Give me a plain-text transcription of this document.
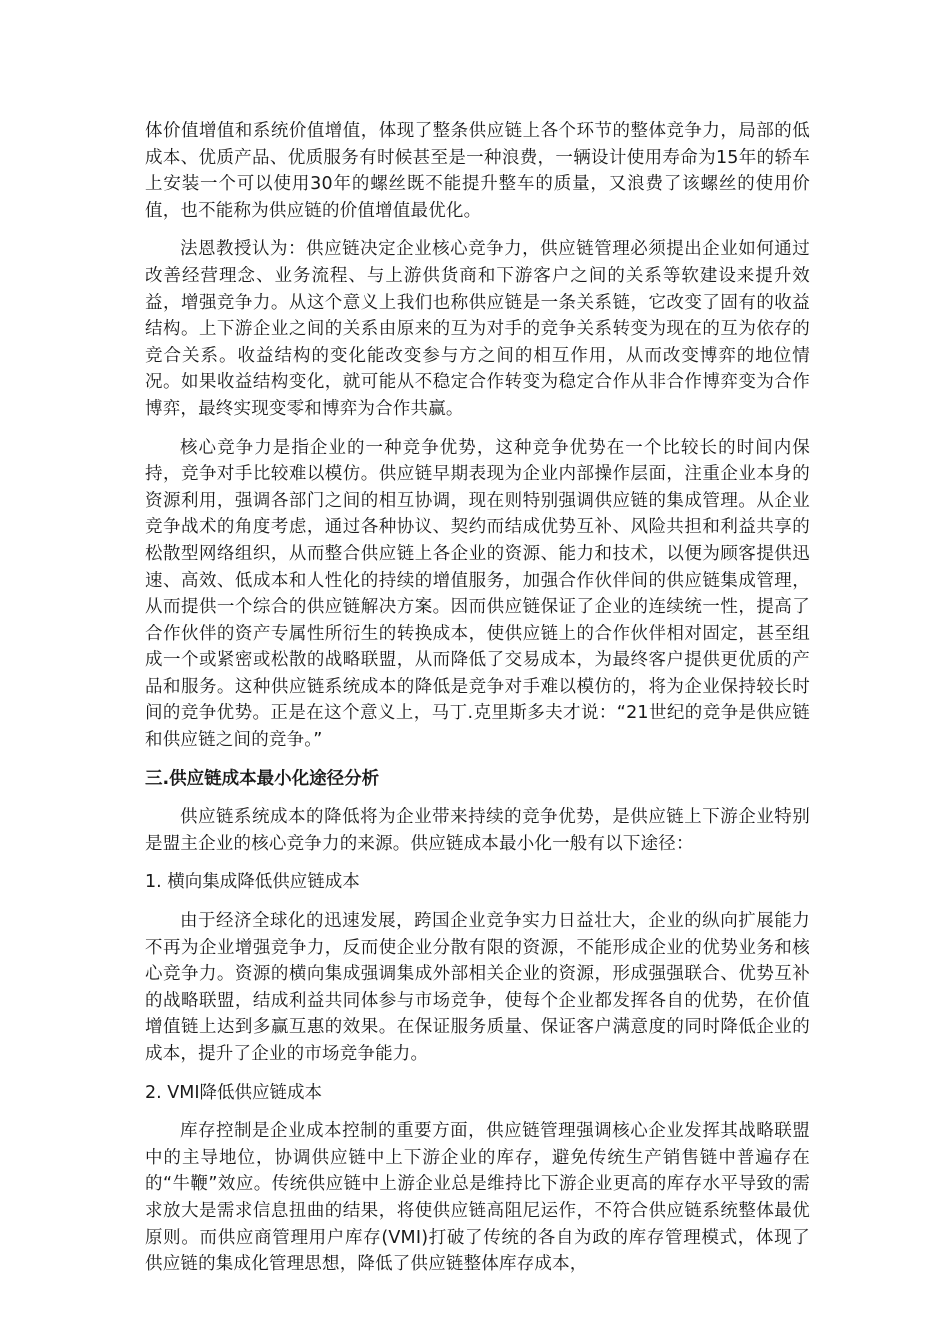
体价值增值和系统价值增值，体现了整条供应链上各个环节的整体竞争力，局部的低成本、优质产品、优质服务有时候甚至是一种浪费，一辆设计使用寿命为15年的轿车上安装一个可以使用30年的螺丝既不能提升整车的质量，又浪费了该螺丝的使用价值，也不能称为供应链的价值增值最优化。

法恩教授认为：供应链决定企业核心竞争力，供应链管理必须提出企业如何通过改善经营理念、业务流程、与上游供货商和下游客户之间的关系等软建设来提升效益，增强竞争力。从这个意义上我们也称供应链是一条关系链，它改变了固有的收益结构。上下游企业之间的关系由原来的互为对手的竞争关系转变为现在的互为依存的竞合关系。收益结构的变化能改变参与方之间的相互作用，从而改变博弈的地位情况。如果收益结构变化，就可能从不稳定合作转变为稳定合作从非合作博弈变为合作博弈，最终实现变零和博弈为合作共赢。

核心竞争力是指企业的一种竞争优势，这种竞争优势在一个比较长的时间内保持，竞争对手比较难以模仿。供应链早期表现为企业内部操作层面，注重企业本身的资源利用，强调各部门之间的相互协调，现在则特别强调供应链的集成管理。从企业竞争战术的角度考虑，通过各种协议、契约而结成优势互补、风险共担和利益共享的松散型网络组织，从而整合供应链上各企业的资源、能力和技术，以便为顾客提供迅速、高效、低成本和人性化的持续的增值服务，加强合作伙伴间的供应链集成管理，从而提供一个综合的供应链解决方案。因而供应链保证了企业的连续统一性，提高了合作伙伴的资产专属性所衍生的转换成本，使供应链上的合作伙伴相对固定，甚至组成一个或紧密或松散的战略联盟，从而降低了交易成本，为最终客户提供更优质的产品和服务。这种供应链系统成本的降低是竞争对手难以模仿的，将为企业保持较长时间的竞争优势。正是在这个意义上，马丁.克里斯多夫才说：“21世纪的竞争是供应链和供应链之间的竞争。”

三.供应链成本最小化途径分析

供应链系统成本的降低将为企业带来持续的竞争优势，是供应链上下游企业特别是盟主企业的核心竞争力的来源。供应链成本最小化一般有以下途径：

1. 横向集成降低供应链成本

由于经济全球化的迅速发展，跨国企业竞争实力日益壮大，企业的纵向扩展能力不再为企业增强竞争力，反而使企业分散有限的资源，不能形成企业的优势业务和核心竞争力。资源的横向集成强调集成外部相关企业的资源，形成强强联合、优势互补的战略联盟，结成利益共同体参与市场竞争，使每个企业都发挥各自的优势，在价值增值链上达到多赢互惠的效果。在保证服务质量、保证客户满意度的同时降低企业的成本，提升了企业的市场竞争能力。

2. VMI降低供应链成本

库存控制是企业成本控制的重要方面，供应链管理强调核心企业发挥其战略联盟中的主导地位，协调供应链中上下游企业的库存，避免传统生产销售链中普遍存在的“牛鞭”效应。传统供应链中上游企业总是维持比下游企业更高的库存水平导致的需求放大是需求信息扭曲的结果，将使供应链高阻尼运作，不符合供应链系统整体最优原则。而供应商管理用户库存(VMI)打破了传统的各自为政的库存管理模式，体现了供应链的集成化管理思想，降低了供应链整体库存成本，
